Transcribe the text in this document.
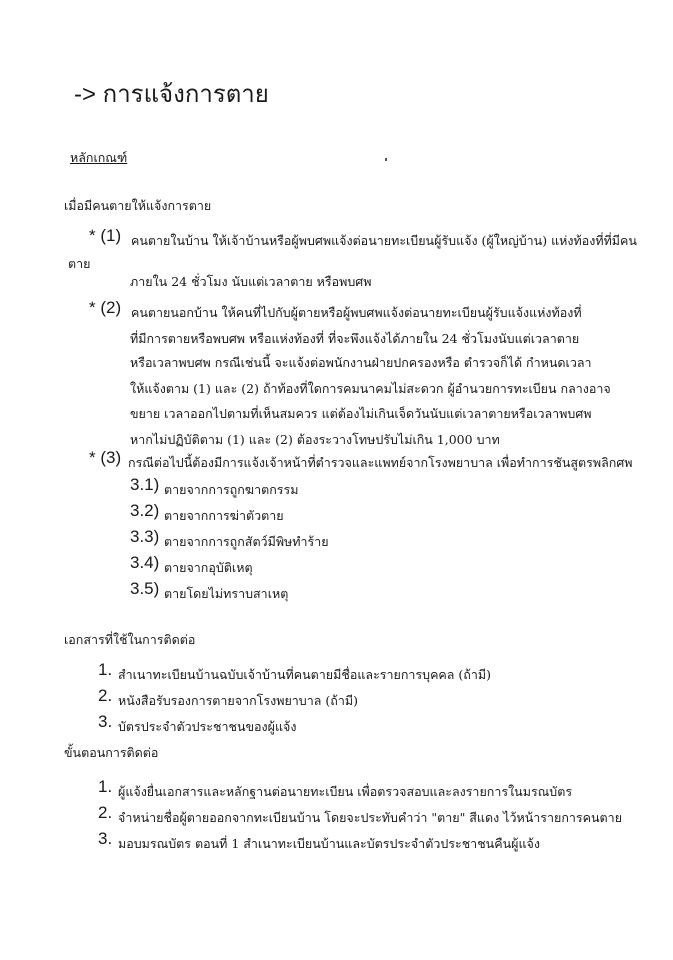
-> การแจ้งการตาย
หลักเกณฑ์
เมื่อมีคนตายให้แจ้งการตาย
* (1) คนตายในบ้าน ให้เจ้าบ้านหรือผู้พบศพแจ้งต่อนายทะเบียนผู้รับแจ้ง (ผู้ใหญ่บ้าน) แห่งท้องที่ที่มีคน
ตาย
ภายใน 24 ชั่วโมง นับแต่เวลาตาย หรือพบศพ
* (2) คนตายนอกบ้าน ให้คนที่ไปกับผู้ตายหรือผู้พบศพแจ้งต่อนายทะเบียนผู้รับแจ้งแห่งท้องที่
ที่มีการตายหรือพบศพ หรือแห่งท้องที่ ที่จะพึงแจ้งได้ภายใน 24 ชั่วโมงนับแต่เวลาตาย
หรือเวลาพบศพ กรณีเช่นนี้ จะแจ้งต่อพนักงานฝ่ายปกครองหรือ ตำรวจก็ได้ กำหนดเวลา
ให้แจ้งตาม (1) และ (2) ถ้าท้องที่ใดการคมนาคมไม่สะดวก ผู้อำนวยการทะเบียน กลางอาจ
ขยาย เวลาออกไปตามที่เห็นสมควร แต่ต้องไม่เกินเจ็ดวันนับแต่เวลาตายหรือเวลาพบศพ
หากไม่ปฏิบัติตาม (1) และ (2) ต้องระวางโทษปรับไม่เกิน 1,000 บาท
* (3) กรณีต่อไปนี้ต้องมีการแจ้งเจ้าหน้าที่ตำรวจและแพทย์จากโรงพยาบาล เพื่อทำการชันสูตรพลิกศพ
3.1) ตายจากการถูกฆาตกรรม
3.2) ตายจากการฆ่าตัวตาย
3.3) ตายจากการถูกสัตว์มีพิษทำร้าย
3.4) ตายจากอุบัติเหตุ
3.5) ตายโดยไม่ทราบสาเหตุ
เอกสารที่ใช้ในการติดต่อ
1. สำเนาทะเบียนบ้านฉบับเจ้าบ้านที่คนตายมีชื่อและรายการบุคคล (ถ้ามี)
2. หนังสือรับรองการตายจากโรงพยาบาล (ถ้ามี)
3. บัตรประจำตัวประชาชนของผู้แจ้ง
ขั้นตอนการติดต่อ
1. ผู้แจ้งยื่นเอกสารและหลักฐานต่อนายทะเบียน เพื่อตรวจสอบและลงรายการในมรณบัตร
2. จำหน่ายชื่อผู้ตายออกจากทะเบียนบ้าน โดยจะประทับคำว่า "ตาย" สีแดง ไว้หน้ารายการคนตาย
3. มอบมรณบัตร ตอนที่ 1 สำเนาทะเบียนบ้านและบัตรประจำตัวประชาชนคืนผู้แจ้ง
